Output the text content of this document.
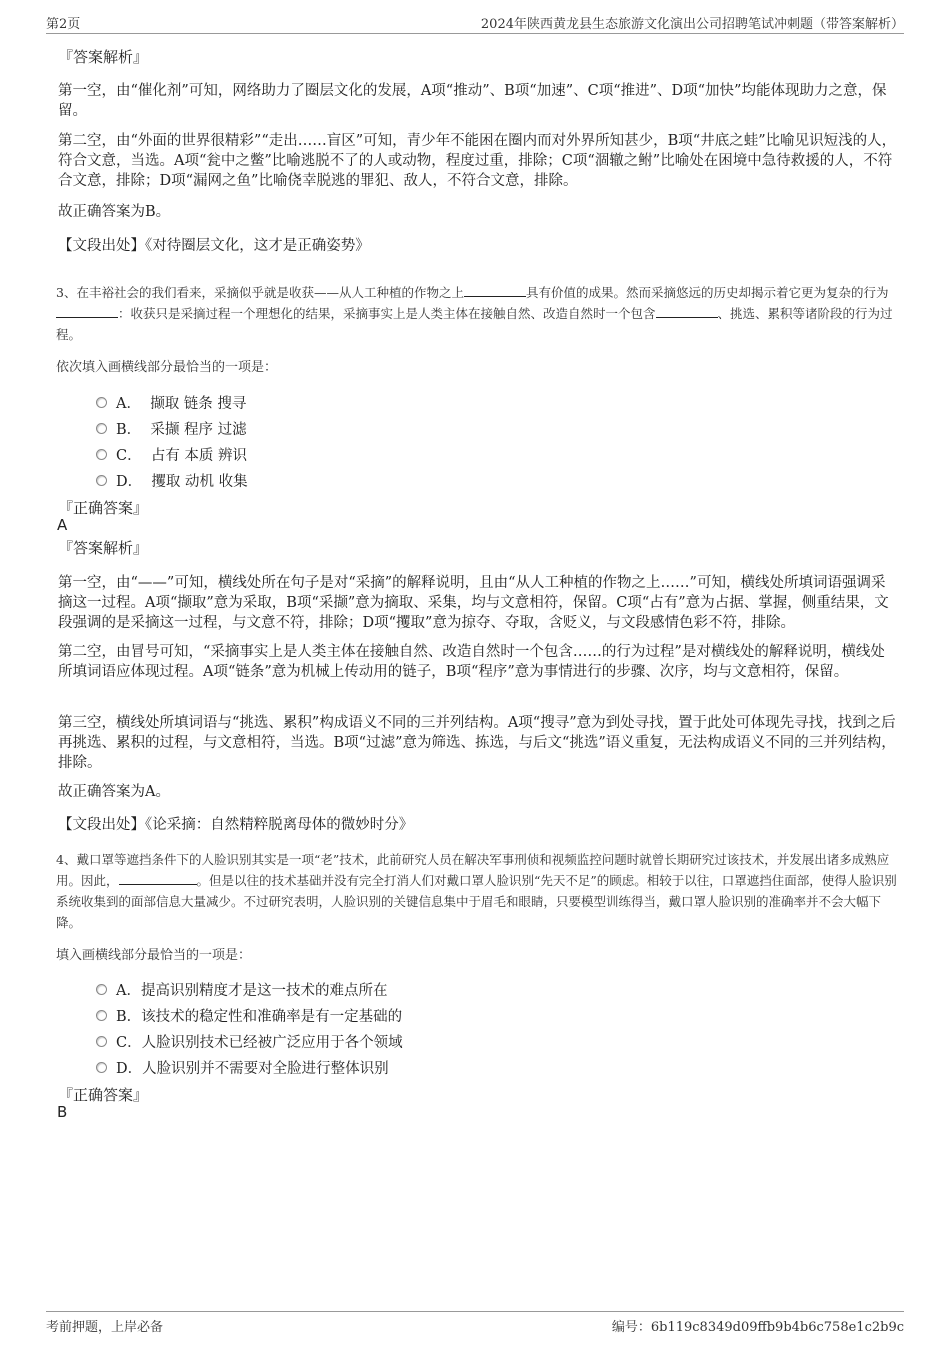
第2页	2024年陕西黄龙县生态旅游文化演出公司招聘笔试冲刺题（带答案解析）
『答案解析』
第一空，由“催化剂”可知，网络助力了圈层文化的发展，A项“推动”、B项“加速”、C项“推进”、D项“加快”均能体现助力之意，保留。
第二空，由“外面的世界很精彩”“走出……盲区”可知，青少年不能困在圈内而对外界所知甚少，B项“井底之蛙”比喻见识短浅的人，符合文意，当选。A项“瓮中之鳖”比喻逃脱不了的人或动物，程度过重，排除；C项“涸辙之鲋”比喻处在困境中急待救援的人，不符合文意，排除；D项“漏网之鱼”比喻侥幸脱逃的罪犯、敌人，不符合文意，排除。
故正确答案为B。
【文段出处】《对待圈层文化，这才是正确姿势》
3、在丰裕社会的我们看来，采摘似乎就是收获——从人工种植的作物之上	具有价值的成果。然而采摘悠远的历史却揭示着它更为复杂的行为：收获只是采摘过程一个理想化的结果，采摘事实上是人类主体在接触自然、改造自然时一个包含	、挑选、累积等诸阶段的行为过程。
依次填入画横线部分最恰当的一项是：
A．
撷取 链条 搜寻
B．
采撷 程序 过滤
C．
占有 本质 辨识
D．
攫取 动机 收集
『正确答案』
A
『答案解析』
第一空，由“——”可知，横线处所在句子是对“采摘”的解释说明，且由“从人工种植的作物之上……”可知，横线处所填词语强调采摘这一过程。A项“撷取”意为采取，B项“采撷”意为摘取、采集，均与文意相符，保留。C项“占有”意为占据、掌握，侧重结果，文段强调的是采摘这一过程，与文意不符，排除；D项“攫取”意为掠夺、夺取，含贬义，与文段感情色彩不符，排除。
第二空，由冒号可知，“采摘事实上是人类主体在接触自然、改造自然时一个包含……的行为过程”是对横线处的解释说明，横线处所填词语应体现过程。A项“链条”意为机械上传动用的链子，B项“程序”意为事情进行的步骤、次序，均与文意相符，保留。
第三空，横线处所填词语与“挑选、累积”构成语义不同的三并列结构。A项“搜寻”意为到处寻找，置于此处可体现先寻找，找到之后再挑选、累积的过程，与文意相符，当选。B项“过滤”意为筛选、拣选，与后文“挑选”语义重复，无法构成语义不同的三并列结构，排除。
故正确答案为A。
【文段出处】《论采摘：自然精粹脱离母体的微妙时分》
4、戴口罩等遮挡条件下的人脸识别其实是一项“老”技术，此前研究人员在解决军事刑侦和视频监控问题时就曾长期研究过该技术，并发展出诸多成熟应用。因此，	。但是以往的技术基础并没有完全打消人们对戴口罩人脸识别“先天不足”的顾虑。相较于以往，口罩遮挡住面部，使得人脸识别系统收集到的面部信息大量减少。不过研究表明，人脸识别的关键信息集中于眉毛和眼睛，只要模型训练得当，戴口罩人脸识别的准确率并不会大幅下降。
填入画横线部分最恰当的一项是：
A． 提高识别精度才是这一技术的难点所在
B． 该技术的稳定性和准确率是有一定基础的
C． 人脸识别技术已经被广泛应用于各个领域
D． 人脸识别并不需要对全脸进行整体识别
『正确答案』
B
考前押题，上岸必备	编号：6b119c8349d09ffb9b4b6c758e1c2b9c
